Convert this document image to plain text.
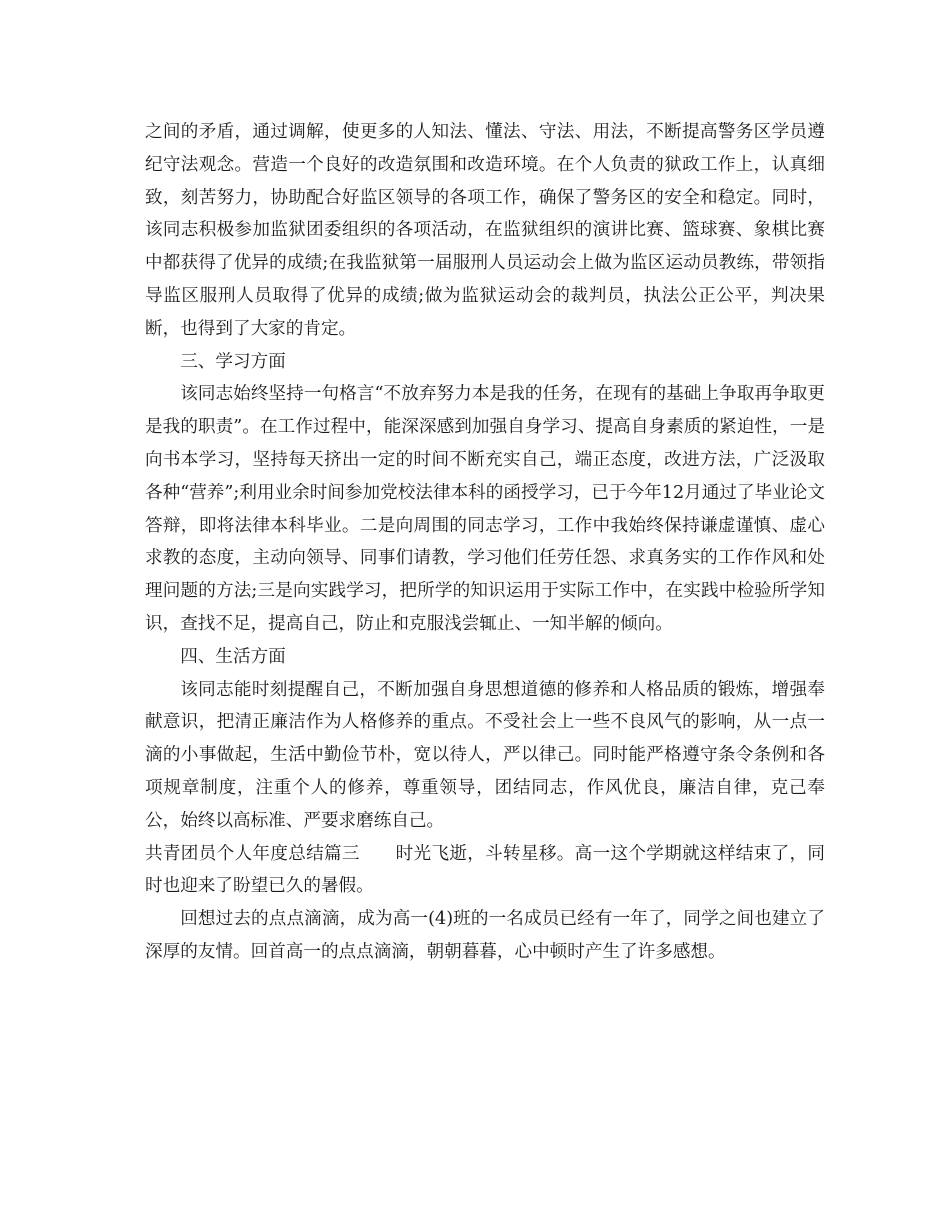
之间的矛盾，通过调解，使更多的人知法、懂法、守法、用法，不断提高警务区学员遵纪守法观念。营造一个良好的改造氛围和改造环境。在个人负责的狱政工作上，认真细致，刻苦努力，协助配合好监区领导的各项工作，确保了警务区的安全和稳定。同时，该同志积极参加监狱团委组织的各项活动，在监狱组织的演讲比赛、篮球赛、象棋比赛中都获得了优异的成绩;在我监狱第一届服刑人员运动会上做为监区运动员教练，带领指导监区服刑人员取得了优异的成绩;做为监狱运动会的裁判员，执法公正公平，判决果断，也得到了大家的肯定。

三、学习方面

该同志始终坚持一句格言“不放弃努力本是我的任务，在现有的基础上争取再争取更是我的职责”。在工作过程中，能深深感到加强自身学习、提高自身素质的紧迫性，一是向书本学习，坚持每天挤出一定的时间不断充实自己，端正态度，改进方法，广泛汲取各种“营养”;利用业余时间参加党校法律本科的函授学习，已于今年12月通过了毕业论文答辩，即将法律本科毕业。二是向周围的同志学习，工作中我始终保持谦虚谨慎、虚心求教的态度，主动向领导、同事们请教，学习他们任劳任怨、求真务实的工作作风和处理问题的方法;三是向实践学习，把所学的知识运用于实际工作中，在实践中检验所学知识，查找不足，提高自己，防止和克服浅尝辄止、一知半解的倾向。

四、生活方面

该同志能时刻提醒自己，不断加强自身思想道德的修养和人格品质的锻炼，增强奉献意识，把清正廉洁作为人格修养的重点。不受社会上一些不良风气的影响，从一点一滴的小事做起，生活中勤俭节朴，宽以待人，严以律己。同时能严格遵守条令条例和各项规章制度，注重个人的修养，尊重领导，团结同志，作风优良，廉洁自律，克己奉公，始终以高标准、严要求磨练自己。

共青团员个人年度总结篇三　　时光飞逝，斗转星移。高一这个学期就这样结束了，同时也迎来了盼望已久的暑假。

回想过去的点点滴滴，成为高一(4)班的一名成员已经有一年了，同学之间也建立了深厚的友情。回首高一的点点滴滴，朝朝暮暮，心中顿时产生了许多感想。
